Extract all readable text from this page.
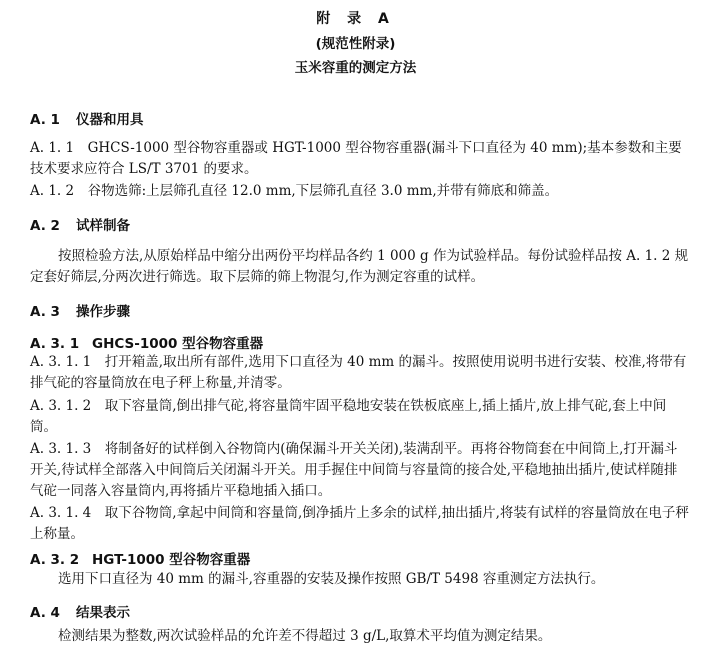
附 录 A
(规范性附录)
玉米容重的测定方法
A. 1 仪器和用具

A. 1. 1　GHCS-1000 型谷物容重器或 HGT-1000 型谷物容重器(漏斗下口直径为 40 mm);基本参数和主要技术要求应符合 LS/T 3701 的要求。

A. 1. 2　谷物选筛:上层筛孔直径 12.0 mm,下层筛孔直径 3.0 mm,并带有筛底和筛盖。

A. 2 试样制备

按照检验方法,从原始样品中缩分出两份平均样品各约 1 000 g 作为试验样品。每份试验样品按 A. 1. 2 规定套好筛层,分两次进行筛选。取下层筛的筛上物混匀,作为测定容重的试样。

A. 3 操作步骤
A. 3. 1 GHCS-1000 型谷物容重器

A. 3. 1. 1　打开箱盖,取出所有部件,选用下口直径为 40 mm 的漏斗。按照使用说明书进行安装、校准,将带有排气砣的容量筒放在电子秤上称量,并清零。

A. 3. 1. 2　取下容量筒,倒出排气砣,将容量筒牢固平稳地安装在铁板底座上,插上插片,放上排气砣,套上中间筒。

A. 3. 1. 3　将制备好的试样倒入谷物筒内(确保漏斗开关关闭),装满刮平。再将谷物筒套在中间筒上,打开漏斗开关,待试样全部落入中间筒后关闭漏斗开关。用手握住中间筒与容量筒的接合处,平稳地抽出插片,使试样随排气砣一同落入容量筒内,再将插片平稳地插入插口。

A. 3. 1. 4　取下谷物筒,拿起中间筒和容量筒,倒净插片上多余的试样,抽出插片,将装有试样的容量筒放在电子秤上称量。

A. 3. 2 HGT-1000 型谷物容重器

选用下口直径为 40 mm 的漏斗,容重器的安装及操作按照 GB/T 5498 容重测定方法执行。

A. 4 结果表示

检测结果为整数,两次试验样品的允许差不得超过 3 g/L,取算术平均值为测定结果。
